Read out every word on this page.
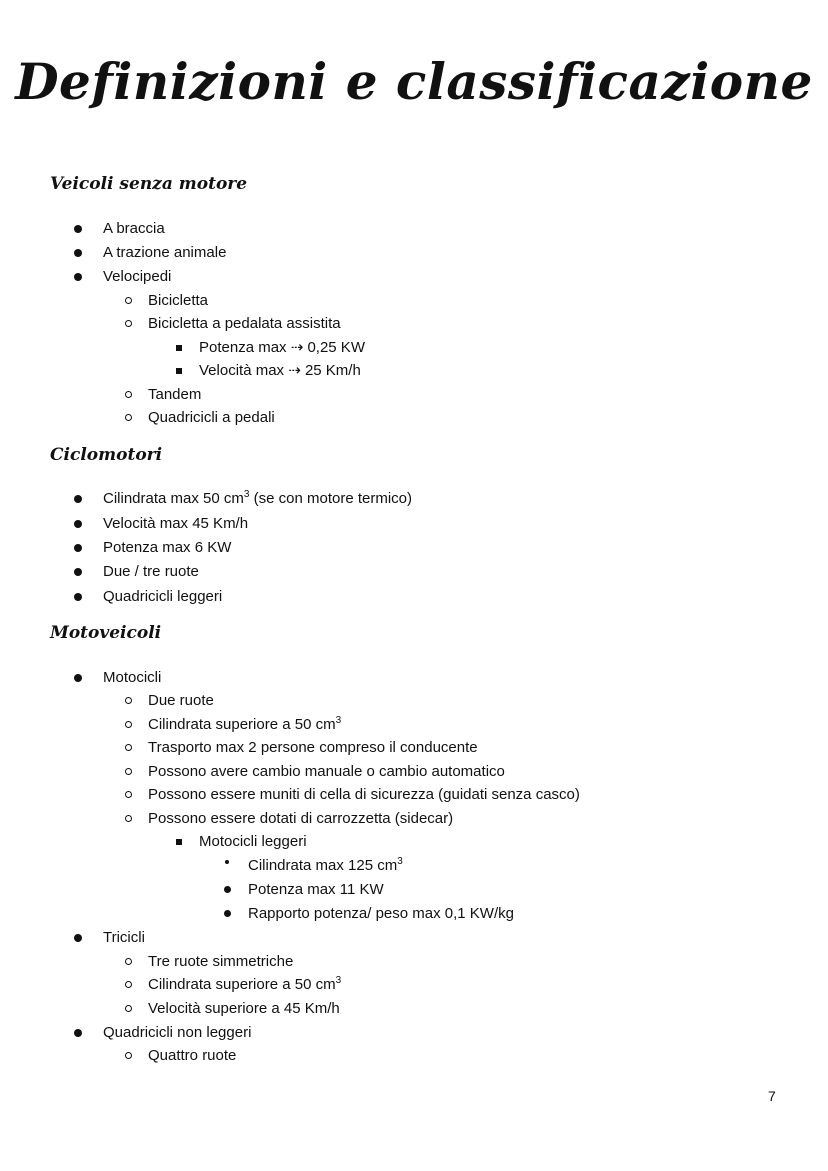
Definizioni e classificazione
Veicoli senza motore
A braccia
A trazione animale
Velocipedi
Bicicletta
Bicicletta a pedalata assistita
Potenza max ⇢ 0,25 KW
Velocità max ⇢ 25 Km/h
Tandem
Quadricicli a pedali
Ciclomotori
Cilindrata max 50 $cm^3$ (se con motore termico)
Velocità max 45 Km/h
Potenza max 6 KW
Due / tre ruote
Quadricicli leggeri
Motoveicoli
Motocicli
Due ruote
Cilindrata superiore a 50 $cm^3$
Trasporto max 2 persone compreso il conducente
Possono avere cambio manuale o cambio automatico
Possono essere muniti di cella di sicurezza (guidati senza casco)
Possono essere dotati di carrozzetta (sidecar)
Motocicli leggeri
Cilindrata max 125 $cm^3$
Potenza max 11 KW
Rapporto potenza/ peso max 0,1 KW/kg
Tricicli
Tre ruote simmetriche
Cilindrata superiore a 50 $cm^3$
Velocità superiore a 45 Km/h
Quadricicli non leggeri
Quattro ruote
7
